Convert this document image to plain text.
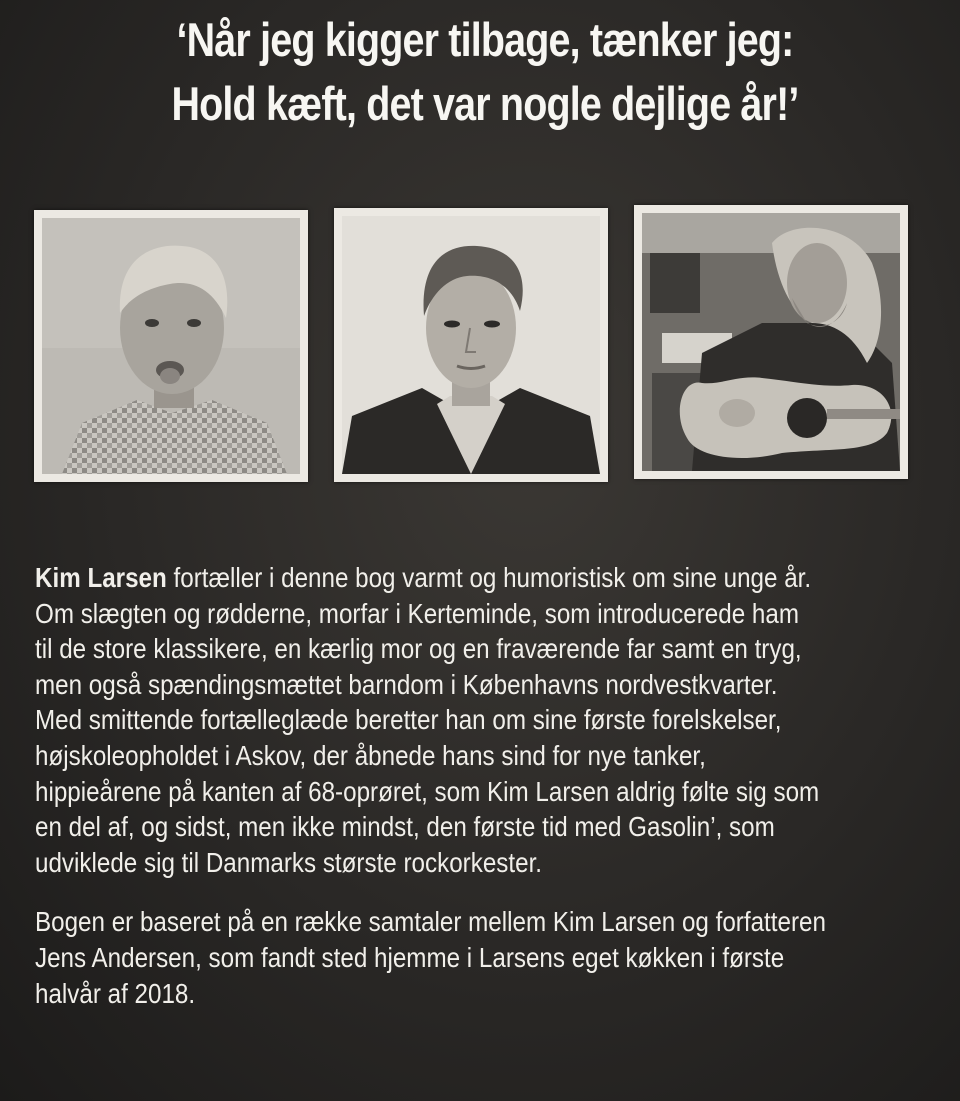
‘Når jeg kigger tilbage, tænker jeg:
Hold kæft, det var nogle dejlige år!’
Kim Larsen fortæller i denne bog varmt og humoristisk om sine unge år.
Om slægten og rødderne, morfar i Kerteminde, som introducerede ham
til de store klassikere, en kærlig mor og en fraværende far samt en tryg,
men også spændingsmættet barndom i Københavns nordvestkvarter.
Med smittende fortælleglæde beretter han om sine første forelskelser,
højskoleopholdet i Askov, der åbnede hans sind for nye tanker,
hippieårene på kanten af 68-oprøret, som Kim Larsen aldrig følte sig som
en del af, og sidst, men ikke mindst, den første tid med Gasolin’, som
udviklede sig til Danmarks største rockorkester.
Bogen er baseret på en række samtaler mellem Kim Larsen og forfatteren
Jens Andersen, som fandt sted hjemme i Larsens eget køkken i første
halvår af 2018.
